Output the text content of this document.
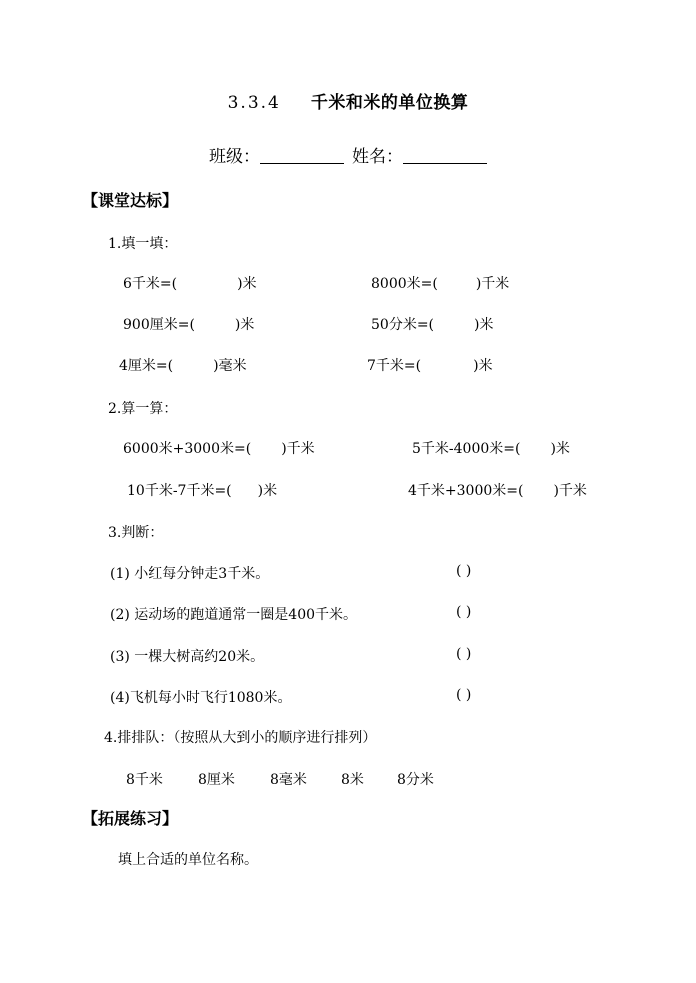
3.3.4 千米和米的单位换算
班级：	姓名：
【课堂达标】
1.填一填：
6千米=(	)米	8000米=(	)千米
900厘米=(	)米	50分米=(	)米
4厘米=(	)毫米	7千米=(	)米
2.算一算：
6000米+3000米=( )千米	5千米-4000米=( )米
10千米-7千米=( )米	4千米+3000米=( )千米
3.判断：
(1) 小红每分钟走3千米。	( )
(2) 运动场的跑道通常一圈是400千米。	( )
(3) 一棵大树高约20米。	( )
(4)飞机每小时飞行1080米。	( )
4.排排队：（按照从大到小的顺序进行排列）
8千米	8厘米	8毫米 8米 8分米
【拓展练习】
填上合适的单位名称。
